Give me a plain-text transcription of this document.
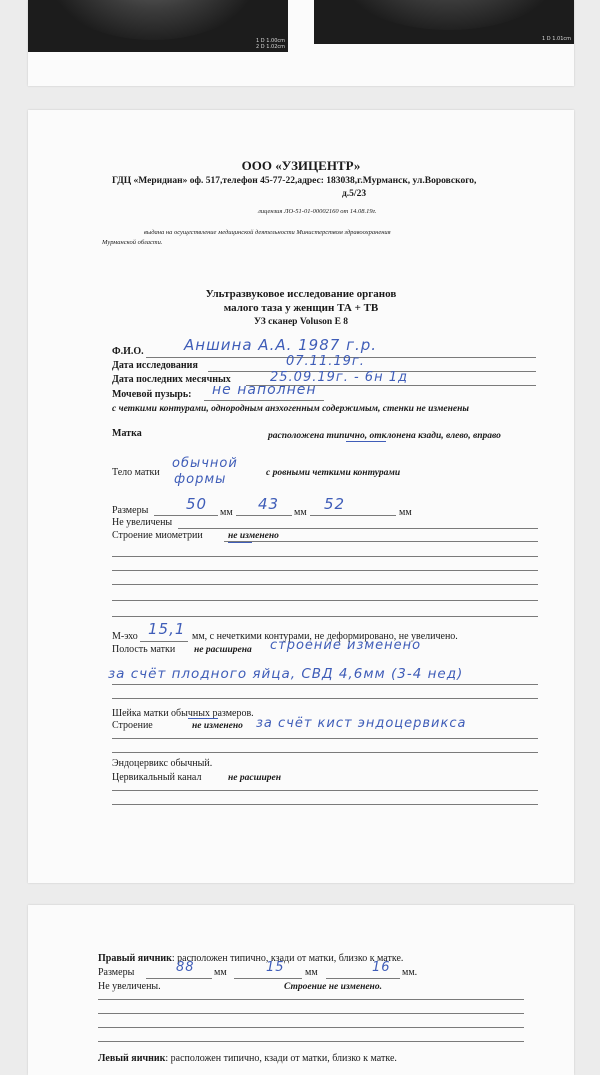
1 D 1.00cm
2 D 1.02cm
1 D 1.01cm
ООО «УЗИЦЕНТР»
ГДЦ «Меридиан» оф. 517,телефон 45-77-22,адрес: 183038,г.Мурманск, ул.Воровского,
д.5/23
лицензия ЛО-51-01-00002160 от 14.08.19г.
выдана на осуществление медицинской деятельности Министерством здравоохранения
Мурманской области.
Ультразвуковое исследование органов
малого таза у женщин ТА + ТВ
УЗ сканер Voluson E 8
Ф.И.О.	Аншина А.А. 1987 г.р.
Дата исследования	07.11.19г.
Дата последних месячных	25.09.19г. - 6н 1д
Мочевой пузырь: не наполнен
с четкими контурами, однородным анэхогенным содержимым, стенки не изменены
Матка	расположена типично, отклонена кзади, влево, вправо
Тело матки
обычной
формы	с ровными четкими контурами
Размеры	50 мм 43 мм 52	мм
Не увеличены
Строение миометрии	не изменено
М-эхо 15,1 мм, с нечеткими контурами, не деформировано, не увеличено.
Полость матки не расширена строение изменено
за счёт плодного яйца, СВД 4,6мм (3-4 нед)
Шейка матки обычных размеров.
Строение	не изменено за счёт кист эндоцервикса
Эндоцервикс обычный.
Цервикальный канал	не расширен
Правый яичник: расположен типично, кзади от матки, близко к матке.
Размеры	88 мм	15 мм	16 мм.
Не увеличены.	Строение не изменено.
Левый яичник: расположен типично, кзади от матки, близко к матке.
